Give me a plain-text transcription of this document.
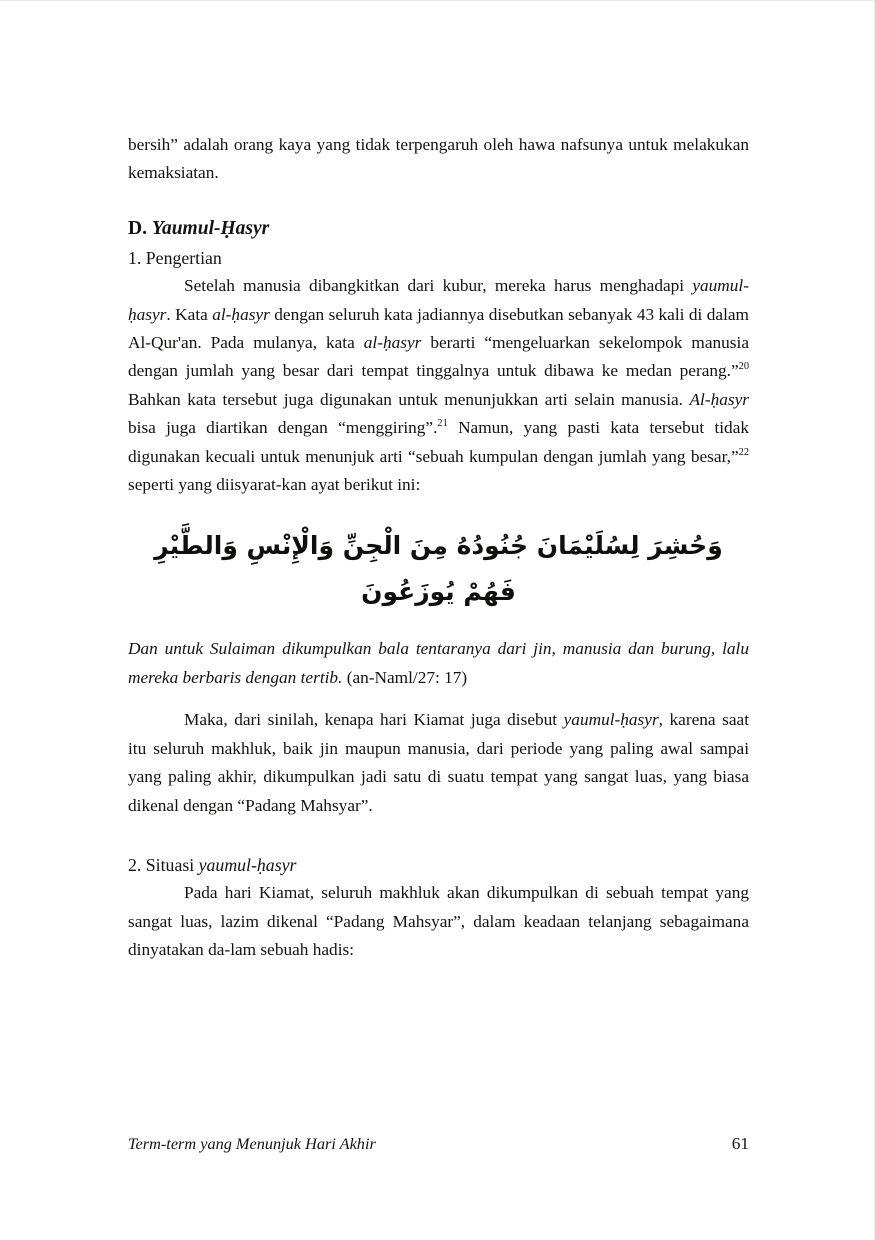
bersih” adalah orang kaya yang tidak terpengaruh oleh hawa nafsunya untuk melakukan kemaksiatan.

D. Yaumul-Ḥasyr

1. Pengertian

Setelah manusia dibangkitkan dari kubur, mereka harus menghadapi yaumul-ḥasyr. Kata al-ḥasyr dengan seluruh kata jadiannya disebutkan sebanyak 43 kali di dalam Al-Qur'an. Pada mulanya, kata al-ḥasyr berarti “mengeluarkan sekelompok manusia dengan jumlah yang besar dari tempat tinggalnya untuk dibawa ke medan perang.”$^{20}$ Bahkan kata tersebut juga digunakan untuk menunjukkan arti selain manusia. Al-ḥasyr bisa juga diartikan dengan “menggiring”.$^{21}$ Namun, yang pasti kata tersebut tidak digunakan kecuali untuk menunjuk arti “sebuah kumpulan dengan jumlah yang besar,”$^{22}$ seperti yang diisyarat-kan ayat berikut ini:

وَحُشِرَ لِسُلَيْمَانَ جُنُودُهُ مِنَ الْجِنِّ وَالْإِنْسِ وَالطَّيْرِ فَهُمْ يُوزَعُونَ

Dan untuk Sulaiman dikumpulkan bala tentaranya dari jin, manusia dan burung, lalu mereka berbaris dengan tertib. (an-Naml/27: 17)

Maka, dari sinilah, kenapa hari Kiamat juga disebut yaumul-ḥasyr, karena saat itu seluruh makhluk, baik jin maupun manusia, dari periode yang paling awal sampai yang paling akhir, dikumpulkan jadi satu di suatu tempat yang sangat luas, yang biasa dikenal dengan “Padang Mahsyar”.

2. Situasi yaumul-ḥasyr

Pada hari Kiamat, seluruh makhluk akan dikumpulkan di sebuah tempat yang sangat luas, lazim dikenal “Padang Mahsyar”, dalam keadaan telanjang sebagaimana dinyatakan da-lam sebuah hadis:

Term-term yang Menunjuk Hari Akhir	61
